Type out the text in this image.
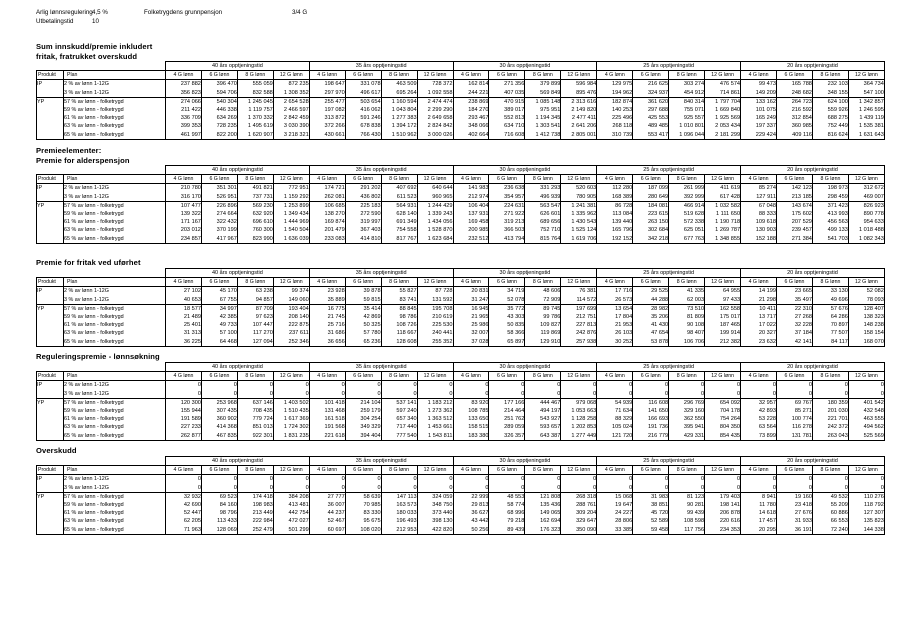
Arlig lønnsregulering 4,5 %	Folketrygdens grunnpensjon	3/4 G
Utbetalingstid	10
Sum innskudd/premie inkludert
fritak, fratrukket overskudd
		40 års opptjeningstid				35 års opptjeningstid				30 års opptjeningstid				25 års opptjeningstid				20 års opptjeningstid			
Produkt	Plan	4 G lønn	6 G lønn	8 G lønn	12 G lønn	4 G lønn	6 G lønn	8 G lønn	12 G lønn	4 G lønn	6 G lønn	8 G lønn	12 G lønn	4 G lønn	6 G lønn	8 G lønn	12 G lønn	4 G lønn	6 G lønn	8 G lønn	12 G lønn
IP	2 % av lønn 1-12G	237 882	396 470	555 059	872 235	198 647	331 078	463 509	728 372	162 814	271 356	379 899	596 984	129 975	216 625	303 274	476 574	99 473	165 788	232 103	364 734
	3 % av lønn 1-12G	356 823	594 706	832 588	1 308 352	297 970	496 617	695 264	1 092 558	244 221	407 035	569 849	895 476	194 962	324 937	454 912	714 861	149 209	248 682	348 155	547 100
YP	57 % av lønn - folketrygd	274 066	540 304	1 245 045	2 654 528	255 477	503 654	1 160 594	2 474 474	238 869	470 915	1 085 148	2 313 616	182 874	361 620	840 314	1 797 704	133 162	264 723	624 100	1 342 857
	59 % av lønn - folketrygd	211 422	446 338	1 119 757	2 466 597	197 082	416 062	1 043 804	2 299 290	184 270	389 017	975 951	2 149 820	140 253	297 688	755 071	1 669 840	101 075	216 592	559 926	1 246 595
	61 % av lønn - folketrygd	336 709	634 269	1 370 332	2 842 459	313 872	591 246	1 277 383	2 649 658	293 467	552 813	1 194 345	2 477 411	225 496	425 553	925 557	1 925 569	165 249	312 854	688 275	1 439 119
	63 % av lønn - folketrygd	399 353	728 235	1 495 619	3 030 390	372 266	678 838	1 394 172	2 824 842	348 066	634 710	1 303 541	2 641 206	268 118	489 485	1 010 801	2 053 434	197 337	360 985	752 449	1 535 381
	65 % av lønn - folketrygd	461 997	822 200	1 620 907	3 218 321	430 661	766 430	1 510 962	3 000 026	402 664	716 608	1 412 738	2 805 001	310 739	553 417	1 096 044	2 181 299	229 424	409 116	816 624	1 631 643
Premieelementer:
Premie for alderspensjon
		40 års opptjeningstid				35 års opptjeningstid				30 års opptjeningstid				25 års opptjeningstid				20 års opptjeningstid			
Produkt	Plan	4 G lønn	6 G lønn	8 G lønn	12 G lønn	4 G lønn	6 G lønn	8 G lønn	12 G lønn	4 G lønn	6 G lønn	8 G lønn	12 G lønn	4 G lønn	6 G lønn	8 G lønn	12 G lønn	4 G lønn	6 G lønn	8 G lønn	12 G lønn
IP	2 % av lønn 1-12G	210 780	351 301	491 821	772 951	174 721	291 202	407 692	640 644	141 983	236 638	331 293	520 603	112 280	187 099	261 999	411 619	85 274	142 123	198 973	312 672
	3 % av lønn 1-12G	316 170	526 951	737 731	1 159 292	262 081	436 802	611 523	960 965	212 974	354 957	496 939	780 905	168 389	280 649	392 999	617 428	127 911	213 185	298 459	469 007
YP	57 % av lønn - folketrygd	107 477	226 896	569 230	1 253 899	106 685	225 183	564 931	1 244 429	106 404	224 631	563 547	1 241 381	86 728	184 081	466 914	1 032 582	67 048	143 674	371 423	826 923
	59 % av lønn - folketrygd	139 322	274 664	632 920	1 349 434	138 270	272 590	628 140	1 339 243	137 931	271 922	626 601	1 335 962	113 084	223 615	519 628	1 111 650	88 333	175 602	413 993	890 778
	61 % av lønn - folketrygd	171 167	322 432	696 610	1 444 969	169 874	319 997	691 349	1 434 056	169 458	319 213	689 656	1 430 543	139 440	263 150	572 338	1 190 718	109 618	207 529	456 563	954 633
	63 % av lønn - folketrygd	203 012	370 199	760 300	1 540 504	201 479	367 403	754 558	1 528 870	200 985	366 503	752 710	1 525 124	165 796	302 684	625 051	1 269 787	130 903	239 457	499 133	1 018 488
	65 % av lønn - folketrygd	234 857	417 967	823 990	1 636 039	233 083	414 810	817 767	1 623 684	232 512	413 794	815 764	1 619 706	192 152	342 218	677 763	1 348 855	152 188	271 384	541 703	1 082 343
Premie for fritak ved uførhet
		40 års opptjeningstid				35 års opptjeningstid				30 års opptjeningstid				25 års opptjeningstid				20 års opptjeningstid			
Produkt	Plan	4 G lønn	6 G lønn	8 G lønn	12 G lønn	4 G lønn	6 G lønn	8 G lønn	12 G lønn	4 G lønn	6 G lønn	8 G lønn	12 G lønn	4 G lønn	6 G lønn	8 G lønn	12 G lønn	4 G lønn	6 G lønn	8 G lønn	12 G lønn
IP	2 % av lønn 1-12G	27 102	45 170	63 238	99 374	23 928	39 878	55 827	87 728	20 831	34 719	48 606	76 381	17 716	29 525	41 335	64 955	14 199	23 665	33 130	52 082
	3 % av lønn 1-12G	40 653	67 755	94 857	149 060	35 889	59 815	83 741	131 592	31 247	52 078	72 909	114 572	26 573	44 288	62 003	97 433	21 298	35 497	49 696	78 093
YP	57 % av lønn - folketrygd	18 577	34 997	87 709	193 404	16 775	35 414	88 845	195 708	16 945	35 772	89 745	197 699	13 654	28 982	73 510	162 558	10 411	22 310	57 676	128 407
	59 % av lønn - folketrygd	21 489	42 385	97 623	208 140	21 745	42 869	98 786	210 619	21 965	43 303	99 786	212 751	17 804	35 206	81 809	175 017	13 717	27 268	64 286	138 323
	61 % av lønn - folketrygd	25 401	49 733	107 447	222 875	25 716	50 325	108 726	225 530	25 986	50 835	109 827	227 813	21 953	41 430	90 108	187 465	17 022	32 228	70 897	148 238
	63 % av lønn - folketrygd	31 313	57 100	117 270	237 611	31 686	57 780	118 667	240 441	32 007	58 366	119 869	242 876	26 103	47 654	98 407	199 914	20 327	37 184	77 507	158 154
	65 % av lønn - folketrygd	36 225	64 468	127 094	252 346	36 656	65 236	128 608	255 352	37 028	65 897	129 910	257 938	30 252	53 878	106 706	212 382	23 632	42 141	84 117	168 070
Reguleringspremie - lønnsøkning
		40 års opptjeningstid				35 års opptjeningstid				30 års opptjeningstid				25 års opptjeningstid				20 års opptjeningstid			
Produkt	Plan	4 G lønn	6 G lønn	8 G lønn	12 G lønn	4 G lønn	6 G lønn	8 G lønn	12 G lønn	4 G lønn	6 G lønn	8 G lønn	12 G lønn	4 G lønn	6 G lønn	8 G lønn	12 G lønn	4 G lønn	6 G lønn	8 G lønn	12 G lønn
IP	2 % av lønn 1-12G	0	0	0	0	0	0	0	0	0	0	0	0	0	0	0	0	0	0	0	0
	3 % av lønn 1-12G	0	0	0	0	0	0	0	0	0	0	0	0	0	0	0	0	0	0	0	0
YP	57 % av lønn - folketrygd	120 300	253 968	637 146	1 403 502	101 418	214 104	537 141	1 183 212	83 920	177 166	444 467	979 068	54 939	116 608	296 769	654 092	32 957	69 767	180 359	401 542
	59 % av lønn - folketrygd	155 944	307 435	708 435	1 510 435	131 468	259 179	597 240	1 273 362	108 785	214 464	494 197	1 053 663	71 634	141 650	329 160	704 178	42 893	85 271	201 030	432 548
	61 % av lønn - folketrygd	191 589	360 902	779 724	1 617 369	161 518	304 254	657 340	1 363 512	133 650	251 762	543 927	1 128 258	88 329	166 693	362 550	754 264	53 228	100 774	221 701	463 555
	63 % av lønn - folketrygd	227 233	414 368	851 013	1 724 302	191 568	349 329	717 440	1 453 661	158 515	289 059	593 657	1 202 853	105 024	191 736	395 941	804 350	63 564	116 278	242 372	494 562
	65 % av lønn - folketrygd	262 877	467 835	922 301	1 831 235	221 618	394 404	777 540	1 543 811	183 380	326 357	643 387	1 277 449	121 720	216 779	429 331	854 435	73 899	131 781	263 043	525 569
Overskudd
		40 års opptjeningstid				35 års opptjeningstid				30 års opptjeningstid				25 års opptjeningstid				20 års opptjeningstid			
Produkt	Plan	4 G lønn	6 G lønn	8 G lønn	12 G lønn	4 G lønn	6 G lønn	8 G lønn	12 G lønn	4 G lønn	6 G lønn	8 G lønn	12 G lønn	4 G lønn	6 G lønn	8 G lønn	12 G lønn	4 G lønn	6 G lønn	8 G lønn	12 G lønn
IP	2 % av lønn 1-12G	0	0	0	0	0	0	0	0	0	0	0	0	0	0	0	0	0	0	0	0
	3 % av lønn 1-12G	0	0	0	0	0	0	0	0	0	0	0	0	0	0	0	0	0	0	0	0
YP	57 % av lønn - folketrygd	32 932	69 523	174 418	384 208	27 777	58 639	147 113	324 059	22 999	48 553	121 808	268 318	15 068	31 983	81 123	179 403	8 941	19 160	49 532	110 276
	59 % av lønn - folketrygd	42 690	84 160	198 983	413 481	36 007	70 985	163 573	348 750	29 813	58 774	135 436	288 761	19 647	38 851	90 281	198 141	11 780	23 418	55 209	118 792
	61 % av lønn - folketrygd	52 447	98 796	213 449	442 754	44 237	83 330	180 033	373 440	36 627	68 996	149 065	309 204	24 227	45 720	99 439	206 878	14 618	27 676	60 886	127 307
	63 % av lønn - folketrygd	62 205	113 433	222 984	472 027	52 467	95 675	196 493	398 130	43 442	79 218	162 694	329 647	28 806	52 589	108 598	220 616	17 457	31 933	66 553	135 823
	65 % av lønn - folketrygd	71 963	128 069	252 479	501 299	60 697	108 020	212 953	422 820	50 256	89 439	176 323	350 090	33 385	59 458	117 756	234 353	20 295	36 191	72 240	144 338
